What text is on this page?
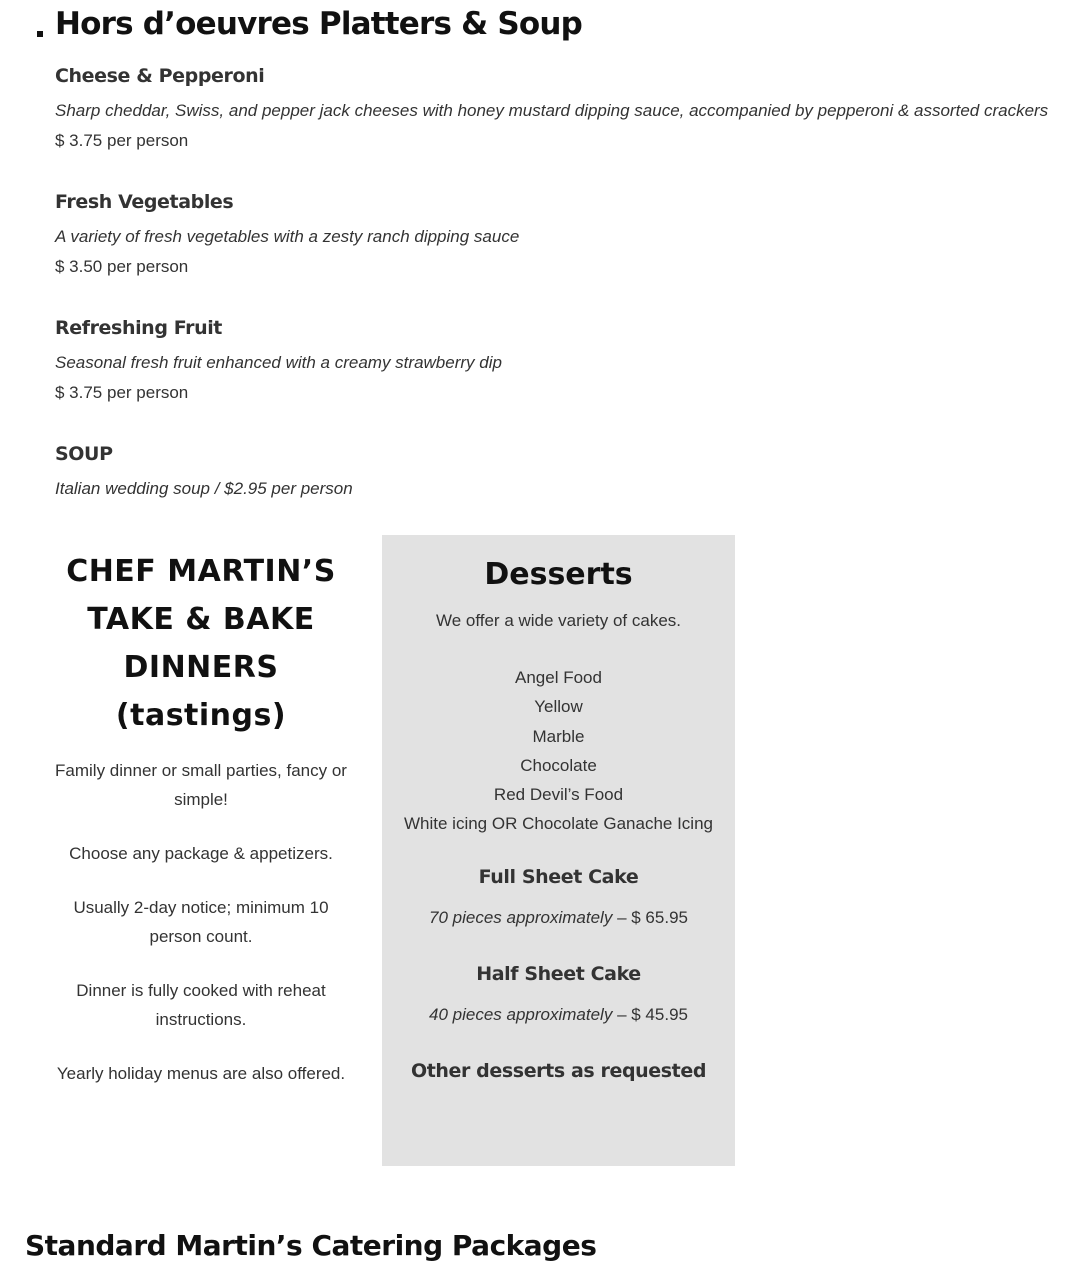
Hors d’oeuvres Platters & Soup
Cheese & Pepperoni

Sharp cheddar, Swiss, and pepper jack cheeses with honey mustard dipping sauce, accompanied by pepperoni & assorted crackers

$ 3.75 per person

Fresh Vegetables

A variety of fresh vegetables with a zesty ranch dipping sauce

$ 3.50 per person

Refreshing Fruit

Seasonal fresh fruit enhanced with a creamy strawberry dip

$ 3.75 per person

SOUP

Italian wedding soup / $2.95 per person

CHEF MARTIN’S TAKE & BAKE DINNERS
(tastings)

Family dinner or small parties, fancy or simple!

Choose any package & appetizers.

Usually 2-day notice; minimum 10 person count.

Dinner is fully cooked with reheat instructions.

Yearly holiday menus are also offered.

Desserts

We offer a wide variety of cakes.

Angel Food
Yellow
Marble
Chocolate
Red Devil’s Food
White icing OR Chocolate Ganache Icing
Full Sheet Cake

70 pieces approximately – $ 65.95

Half Sheet Cake

40 pieces approximately – $ 45.95

Other desserts as requested
Standard Martin’s Catering Packages
